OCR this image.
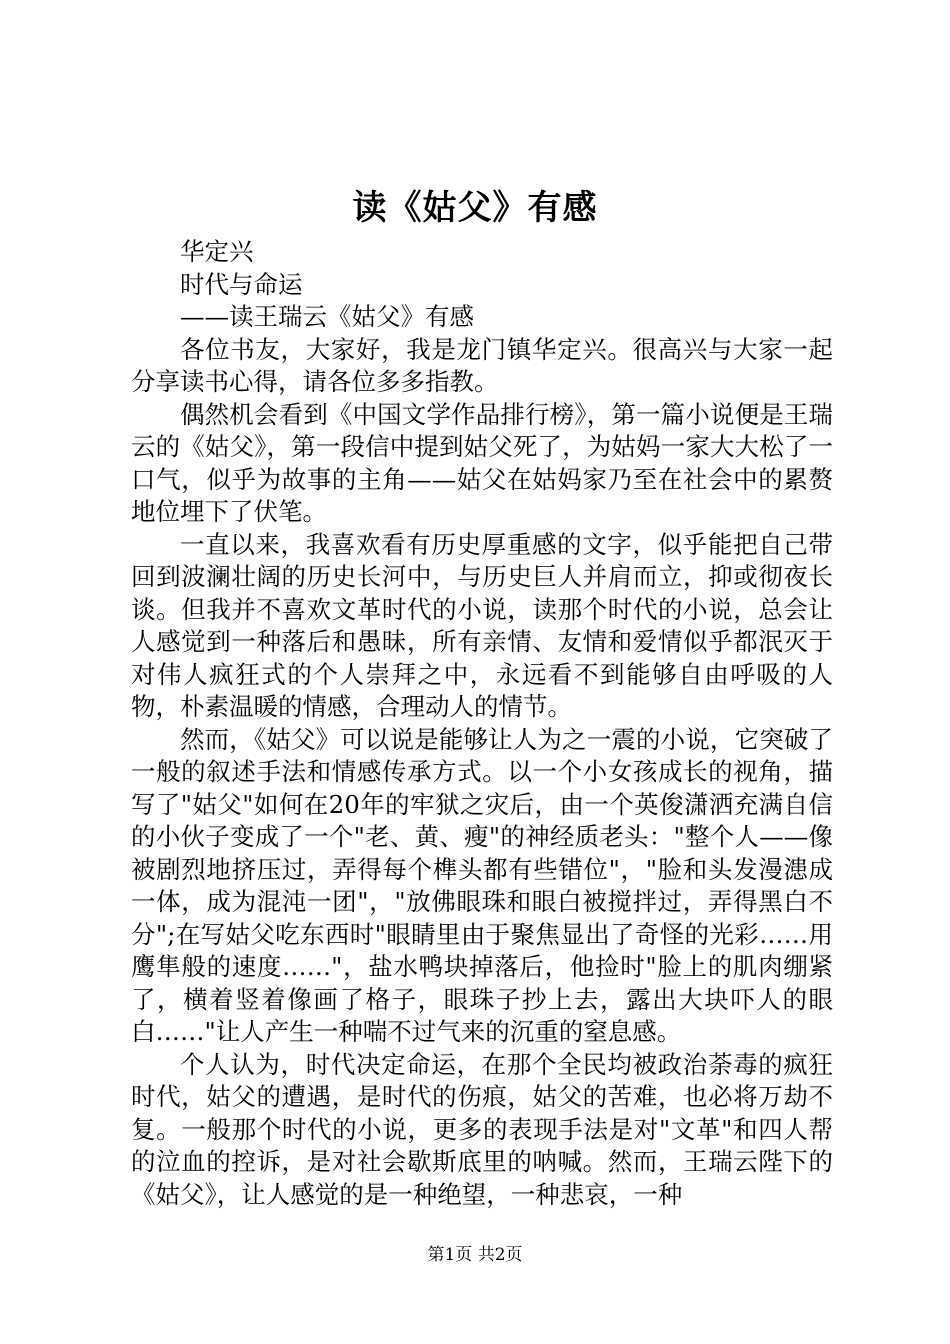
读《姑父》有感

华定兴

时代与命运

——读王瑞云《姑父》有感

各位书友，大家好，我是龙门镇华定兴。很高兴与大家一起分享读书心得，请各位多多指教。

偶然机会看到《中国文学作品排行榜》，第一篇小说便是王瑞云的《姑父》，第一段信中提到姑父死了，为姑妈一家大大松了一口气，似乎为故事的主角——姑父在姑妈家乃至在社会中的累赘地位埋下了伏笔。

一直以来，我喜欢看有历史厚重感的文字，似乎能把自己带回到波澜壮阔的历史长河中，与历史巨人并肩而立，抑或彻夜长谈。但我并不喜欢文革时代的小说，读那个时代的小说，总会让人感觉到一种落后和愚昧，所有亲情、友情和爱情似乎都泯灭于对伟人疯狂式的个人崇拜之中，永远看不到能够自由呼吸的人物，朴素温暖的情感，合理动人的情节。

然而，《姑父》可以说是能够让人为之一震的小说，它突破了一般的叙述手法和情感传承方式。以一个小女孩成长的视角，描写了"姑父"如何在20年的牢狱之灾后，由一个英俊潇洒充满自信的小伙子变成了一个"老、黄、瘦"的神经质老头："整个人——像被剧烈地挤压过，弄得每个榫头都有些错位"，"脸和头发漫漶成一体，成为混沌一团"，"放佛眼珠和眼白被搅拌过，弄得黑白不分";在写姑父吃东西时"眼睛里由于聚焦显出了奇怪的光彩……用鹰隼般的速度……"，盐水鸭块掉落后，他捡时"脸上的肌肉绷紧了，横着竖着像画了格子，眼珠子抄上去，露出大块吓人的眼白……"让人产生一种喘不过气来的沉重的窒息感。

个人认为，时代决定命运，在那个全民均被政治荼毒的疯狂时代，姑父的遭遇，是时代的伤痕，姑父的苦难，也必将万劫不复。一般那个时代的小说，更多的表现手法是对"文革"和四人帮的泣血的控诉，是对社会歇斯底里的呐喊。然而，王瑞云陛下的《姑父》，让人感觉的是一种绝望，一种悲哀，一种

第1页 共2页
